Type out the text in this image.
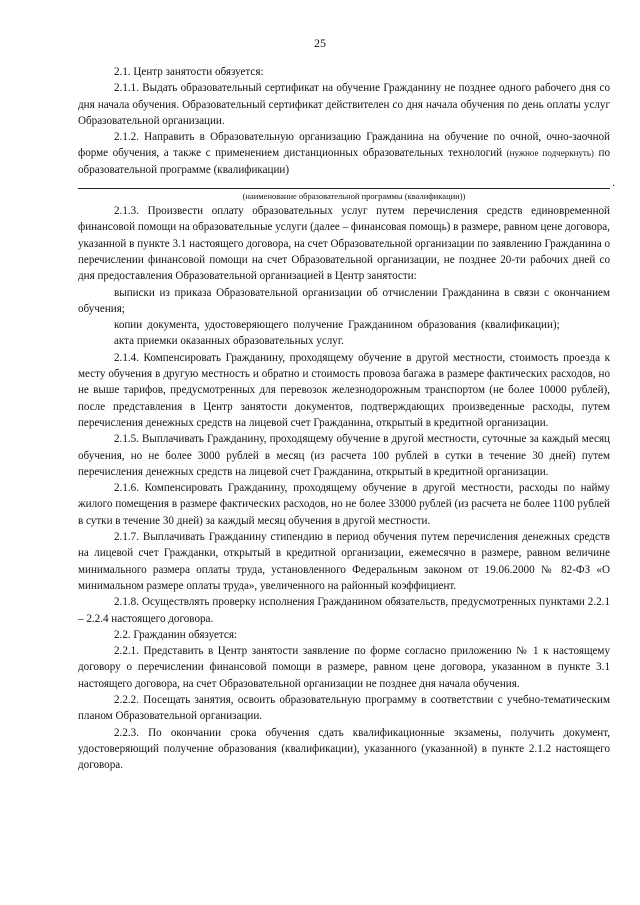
25

2.1. Центр занятости обязуется:

2.1.1. Выдать образовательный сертификат на обучение Гражданину не позднее одного рабочего дня со дня начала обучения. Образовательный сертификат действителен со дня начала обучения по день оплаты услуг Образовательной организации.

2.1.2. Направить в Образовательную организацию Гражданина на обучение по очной, очно-заочной форме обучения, а также с применением дистанционных образовательных технологий (нужное подчеркнуть) по образовательной программе (квалификации)

.

(наименование образовательной программы (квалификации))

2.1.3. Произвести оплату образовательных услуг путем перечисления средств единовременной финансовой помощи на образовательные услуги (далее – финансовая помощь) в размере, равном цене договора, указанной в пункте 3.1 настоящего договора, на счет Образовательной организации по заявлению Гражданина о перечислении финансовой помощи на счет Образовательной организации, не позднее 20-ти рабочих дней со дня предоставления Образовательной организацией в Центр занятости:

выписки из приказа Образовательной организации об отчислении Гражданина в связи с окончанием обучения;

копии документа, удостоверяющего получение Гражданином образования (квалификации);

акта приемки оказанных образовательных услуг.

2.1.4. Компенсировать Гражданину, проходящему обучение в другой местности, стоимость проезда к месту обучения в другую местность и обратно и стоимость провоза багажа в размере фактических расходов, но не выше тарифов, предусмотренных для перевозок железнодорожным транспортом (не более 10000 рублей), после представления в Центр занятости документов, подтверждающих произведенные расходы, путем перечисления денежных средств на лицевой счет Гражданина, открытый в кредитной организации.

2.1.5. Выплачивать Гражданину, проходящему обучение в другой местности, суточные за каждый месяц обучения, но не более 3000 рублей в месяц (из расчета 100 рублей в сутки в течение 30 дней) путем перечисления денежных средств на лицевой счет Гражданина, открытый в кредитной организации.

2.1.6. Компенсировать Гражданину, проходящему обучение в другой местности, расходы по найму жилого помещения в размере фактических расходов, но не более 33000 рублей (из расчета не более 1100 рублей в сутки в течение 30 дней) за каждый месяц обучения в другой местности.

2.1.7. Выплачивать Гражданину стипендию в период обучения путем перечисления денежных средств на лицевой счет Гражданки, открытый в кредитной организации, ежемесячно в размере, равном величине минимального размера оплаты труда, установленного Федеральным законом от 19.06.2000 № 82-ФЗ «О минимальном размере оплаты труда», увеличенного на районный коэффициент.

2.1.8. Осуществлять проверку исполнения Гражданином обязательств, предусмотренных пунктами 2.2.1 – 2.2.4 настоящего договора.

2.2. Гражданин обязуется:

2.2.1. Представить в Центр занятости заявление по форме согласно приложению № 1 к настоящему договору о перечислении финансовой помощи в размере, равном цене договора, указанном в пункте 3.1 настоящего договора, на счет Образовательной организации не позднее дня начала обучения.

2.2.2. Посещать занятия, освоить образовательную программу в соответствии с учебно-тематическим планом Образовательной организации.

2.2.3. По окончании срока обучения сдать квалификационные экзамены, получить документ, удостоверяющий получение образования (квалификации), указанного (указанной) в пункте 2.1.2 настоящего договора.
